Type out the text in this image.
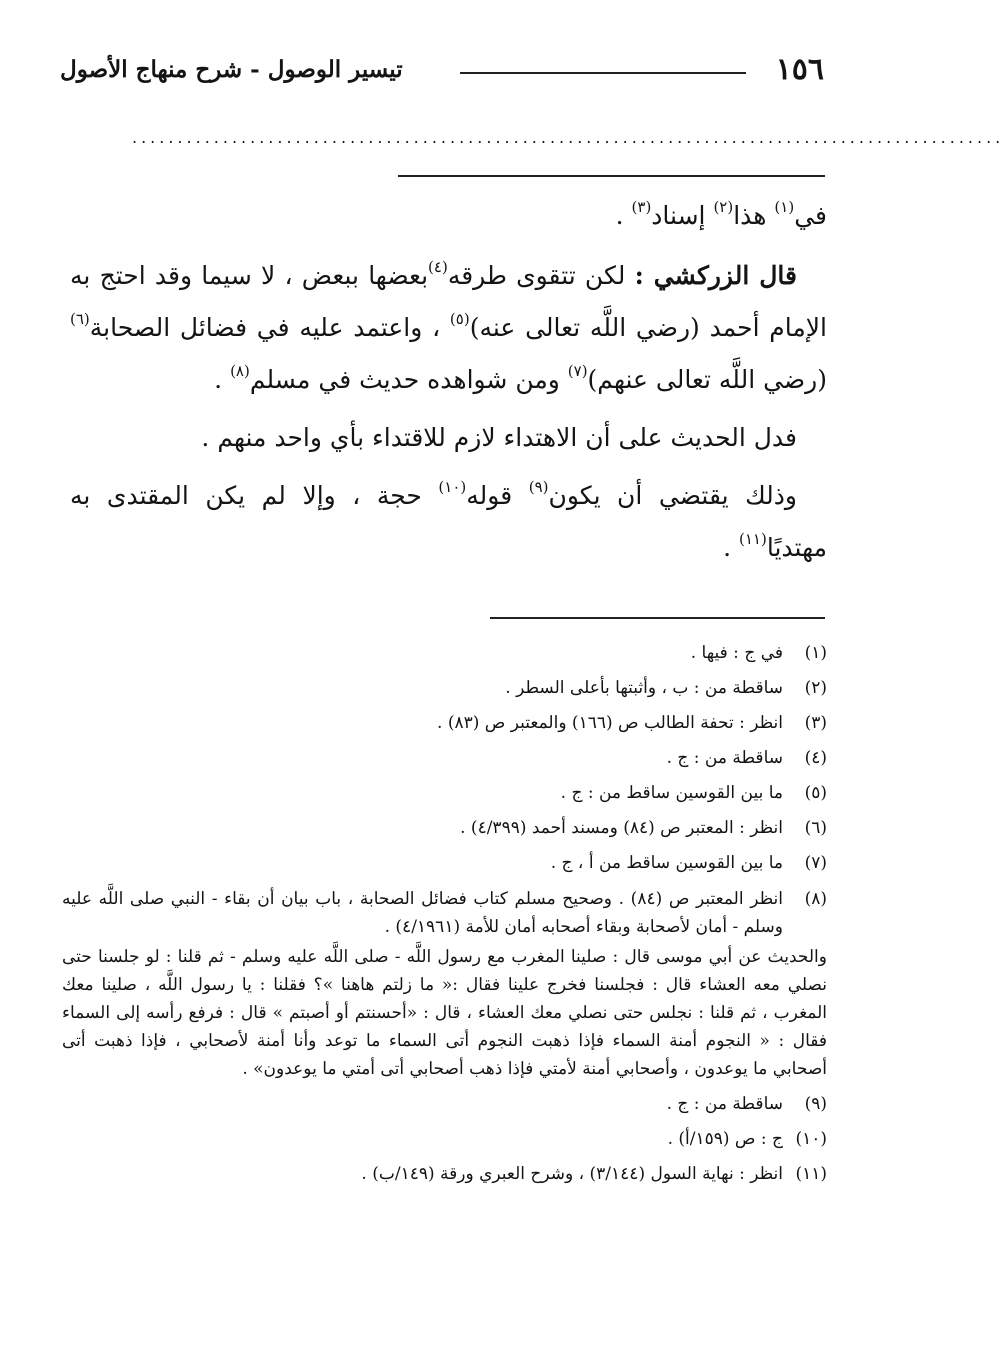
١٥٦
تيسير الوصول - شرح منهاج الأصول
................................................................................................

في$^{(١)}$ هذا$^{(٢)}$ إسناد$^{(٣)}$ .

قال الزركشي : لكن تتقوى طرقه$^{(٤)}$بعضها ببعض ، لا سيما وقد احتج به الإمام أحمد (رضي اللَّه تعالى عنه)$^{(٥)}$ ، واعتمد عليه في فضائل الصحابة$^{(٦)}$ (رضي اللَّه تعالى عنهم)$^{(٧)}$ ومن شواهده حديث في مسلم$^{(٨)}$ .

فدل الحديث على أن الاهتداء لازم للاقتداء بأي واحد منهم .

وذلك يقتضي أن يكون$^{(٩)}$ قوله$^{(١٠)}$ حجة ، وإلا لم يكن المقتدى به مهتديًا$^{(١١)}$ .

(١)
في ج : فيها .
(٢)
ساقطة من : ب ، وأثبتها بأعلى السطر .
(٣)
انظر : تحفة الطالب ص (١٦٦) والمعتبر ص (٨٣) .
(٤)
ساقطة من : ج .
(٥)
ما بين القوسين ساقط من : ج .
(٦)
انظر : المعتبر ص (٨٤) ومسند أحمد (٤/٣٩٩) .
(٧)
ما بين القوسين ساقط من أ ، ج .
(٨)
انظر المعتبر ص (٨٤) . وصحيح مسلم كتاب فضائل الصحابة ، باب بيان أن بقاء - النبي صلى اللَّه عليه وسلم - أمان لأصحابة وبقاء أصحابه أمان للأمة (٤/١٩٦١) .
والحديث عن أبي موسى قال : صلينا المغرب مع رسول اللَّه - صلى اللَّه عليه وسلم - ثم قلنا : لو جلسنا حتى نصلي معه العشاء قال : فجلسنا فخرج علينا فقال :« ما زلتم هاهنا »؟ فقلنا : يا رسول اللَّه ، صلينا معك المغرب ، ثم قلنا : نجلس حتى نصلي معك العشاء ، قال : «أحسنتم أو أصبتم » قال : فرفع رأسه إلى السماء فقال : « النجوم أمنة السماء فإذا ذهبت النجوم أتى السماء ما توعد وأنا أمنة لأصحابي ، فإذا ذهبت أتى أصحابي ما يوعدون ، وأصحابي أمنة لأمتي فإذا ذهب أصحابي أتى أمتي ما يوعدون» .
(٩)
ساقطة من : ج .
(١٠)
ج : ص (١٥٩/أ) .
(١١)
انظر : نهاية السول (٣/١٤٤) ، وشرح العبري ورقة (١٤٩/ب) .
